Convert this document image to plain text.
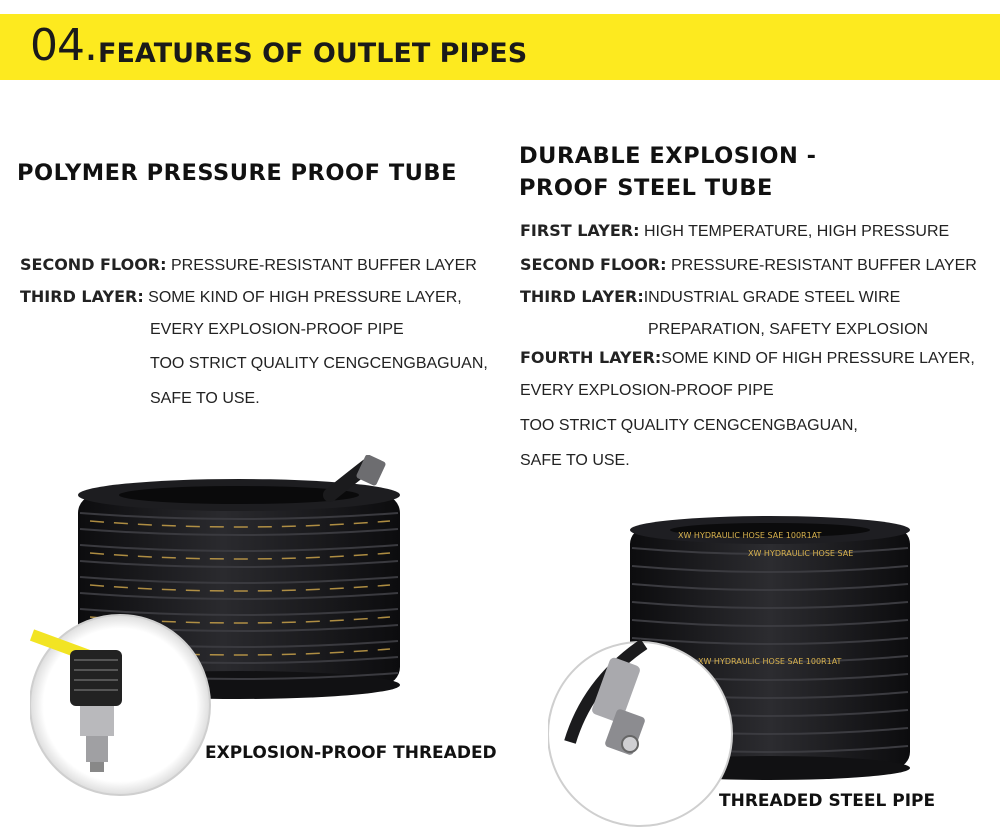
04. FEATURES OF OUTLET PIPES
POLYMER PRESSURE PROOF TUBE
SECOND FLOOR: PRESSURE-RESISTANT BUFFER LAYER
THIRD LAYER: SOME KIND OF HIGH PRESSURE LAYER,
EVERY EXPLOSION-PROOF PIPE
TOO STRICT QUALITY CENGCENGBAGUAN,
SAFE TO USE.
DURABLE EXPLOSION -
PROOF STEEL TUBE
FIRST LAYER: HIGH TEMPERATURE, HIGH PRESSURE
SECOND FLOOR: PRESSURE-RESISTANT BUFFER LAYER
THIRD LAYER:INDUSTRIAL GRADE STEEL WIRE
PREPARATION, SAFETY EXPLOSION
FOURTH LAYER:SOME KIND OF HIGH PRESSURE LAYER,
EVERY EXPLOSION-PROOF PIPE
TOO STRICT QUALITY CENGCENGBAGUAN,
SAFE TO USE.
EXPLOSION-PROOF THREADED
XW HYDRAULIC HOSE SAE 100R1AT
XW HYDRAULIC HOSE SAE
XW HYDRAULIC HOSE SAE 100R1AT
THREADED STEEL PIPE
